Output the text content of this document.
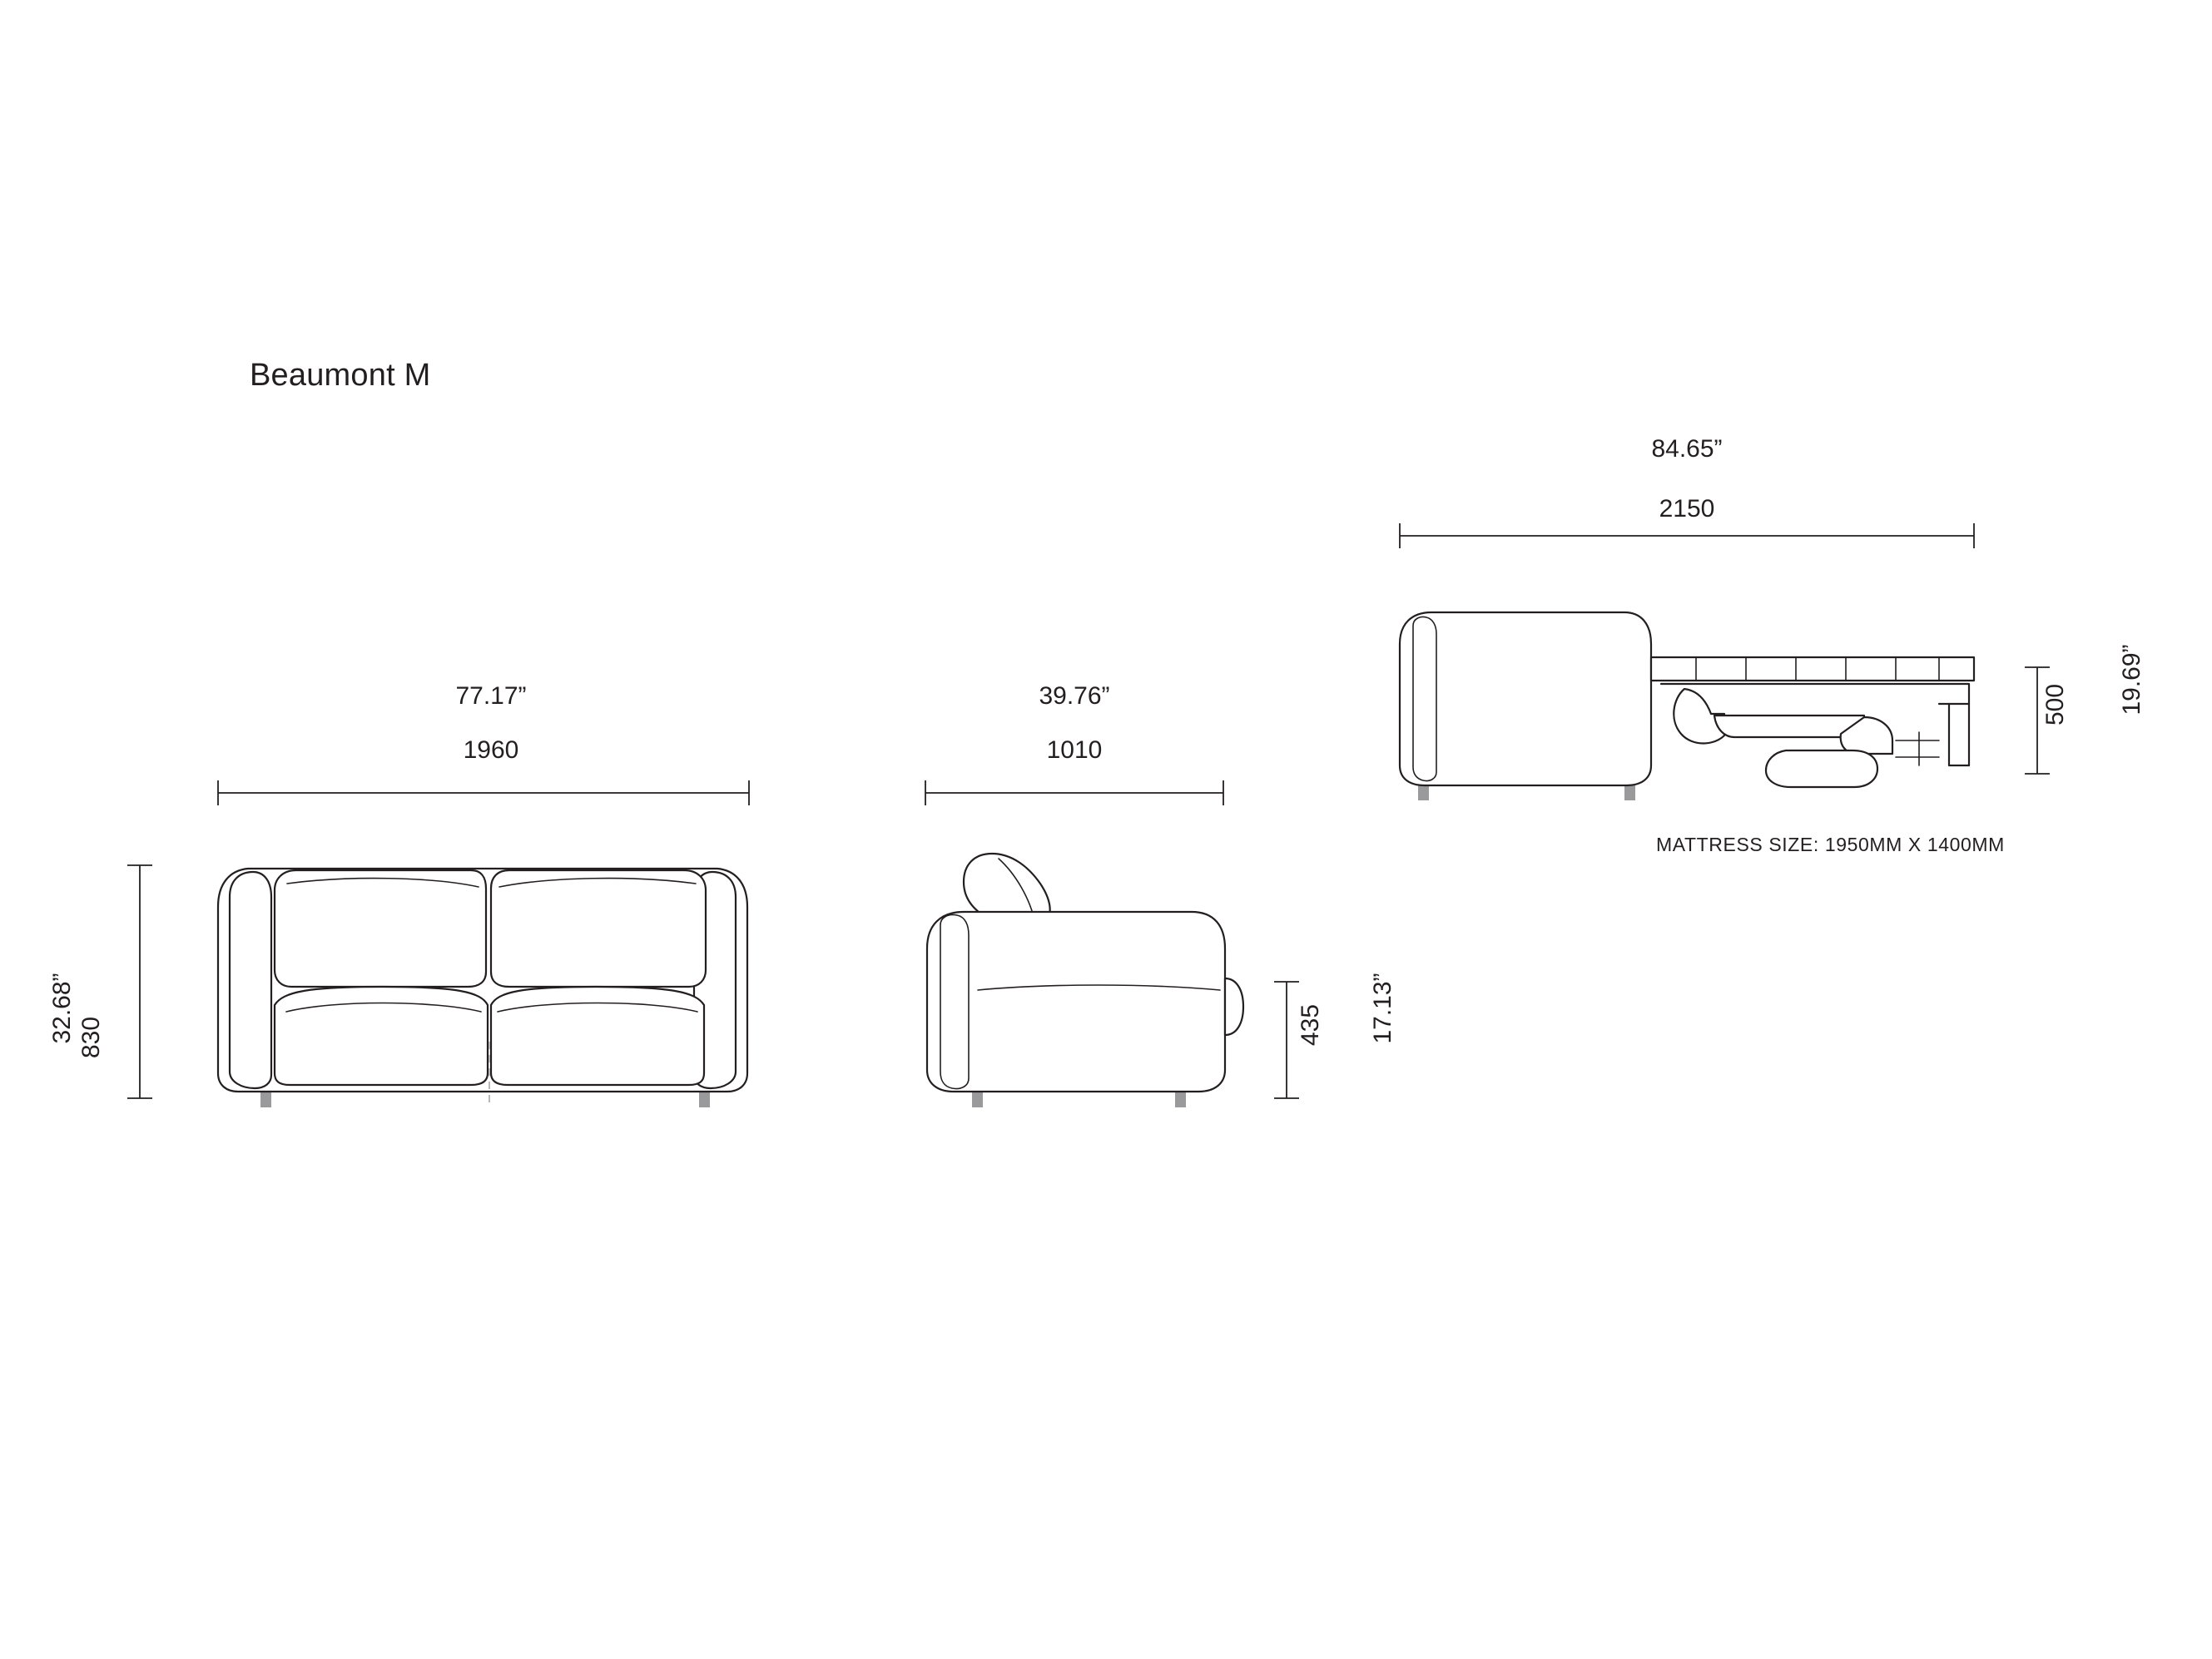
Beaumont M
77.17”
1960
32.68” 830
39.76”
1010
17.13”
435
84.65”
2150
19.69”
500
MATTRESS SIZE: 1950MM X 1400MM
